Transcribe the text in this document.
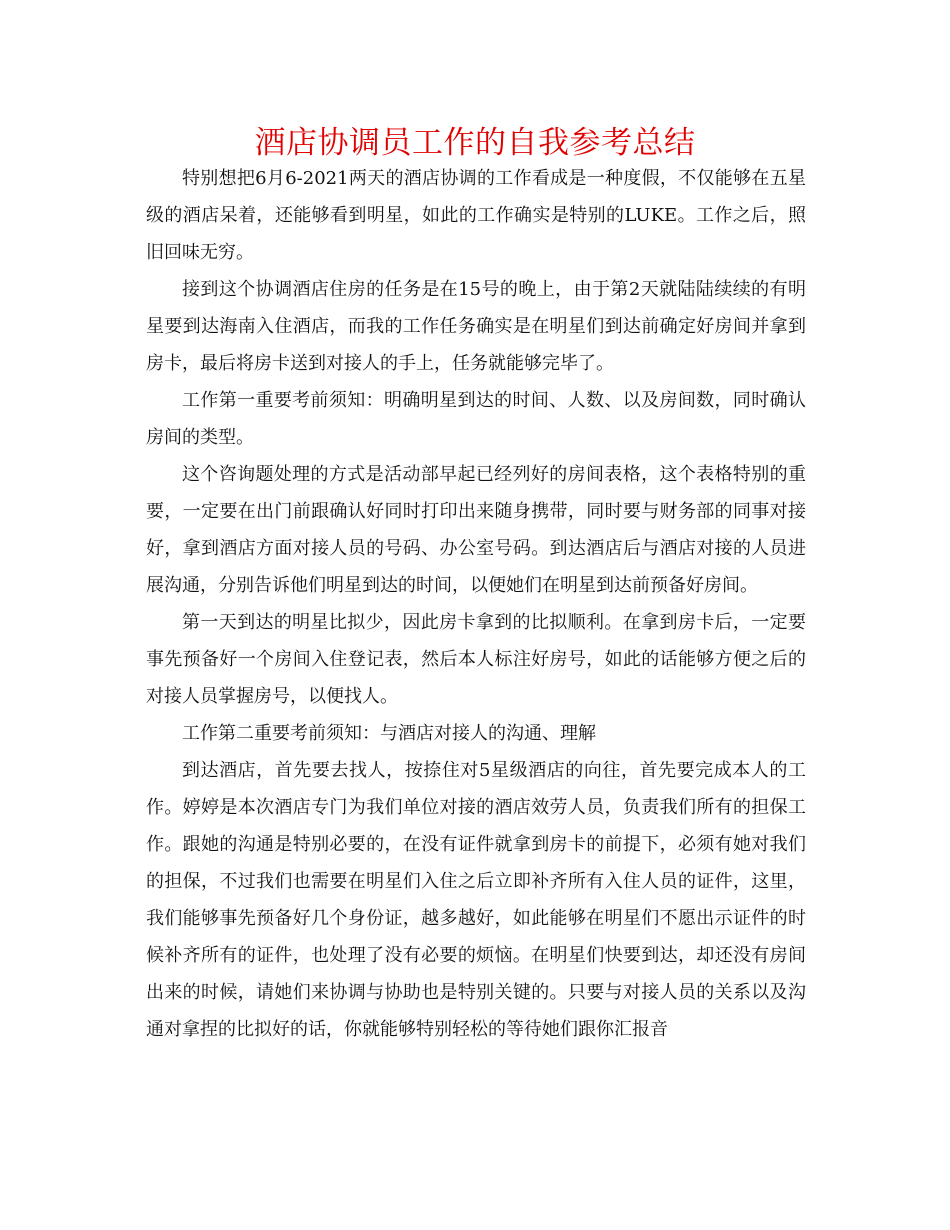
酒店协调员工作的自我参考总结

特别想把6月6-2021两天的酒店协调的工作看成是一种度假，不仅能够在五星级的酒店呆着，还能够看到明星，如此的工作确实是特别的LUKE。工作之后，照旧回味无穷。

接到这个协调酒店住房的任务是在15号的晚上，由于第2天就陆陆续续的有明星要到达海南入住酒店，而我的工作任务确实是在明星们到达前确定好房间并拿到房卡，最后将房卡送到对接人的手上，任务就能够完毕了。

工作第一重要考前须知：明确明星到达的时间、人数、以及房间数，同时确认房间的类型。

这个咨询题处理的方式是活动部早起已经列好的房间表格，这个表格特别的重要，一定要在出门前跟确认好同时打印出来随身携带，同时要与财务部的同事对接好，拿到酒店方面对接人员的号码、办公室号码。到达酒店后与酒店对接的人员进展沟通，分别告诉他们明星到达的时间，以便她们在明星到达前预备好房间。

第一天到达的明星比拟少，因此房卡拿到的比拟顺利。在拿到房卡后，一定要事先预备好一个房间入住登记表，然后本人标注好房号，如此的话能够方便之后的对接人员掌握房号，以便找人。

工作第二重要考前须知：与酒店对接人的沟通、理解

到达酒店，首先要去找人，按捺住对5星级酒店的向往，首先要完成本人的工作。婷婷是本次酒店专门为我们单位对接的酒店效劳人员，负责我们所有的担保工作。跟她的沟通是特别必要的，在没有证件就拿到房卡的前提下，必须有她对我们的担保，不过我们也需要在明星们入住之后立即补齐所有入住人员的证件，这里，我们能够事先预备好几个身份证，越多越好，如此能够在明星们不愿出示证件的时候补齐所有的证件，也处理了没有必要的烦恼。在明星们快要到达，却还没有房间出来的时候，请她们来协调与协助也是特别关键的。只要与对接人员的关系以及沟通对拿捏的比拟好的话，你就能够特别轻松的等待她们跟你汇报音
